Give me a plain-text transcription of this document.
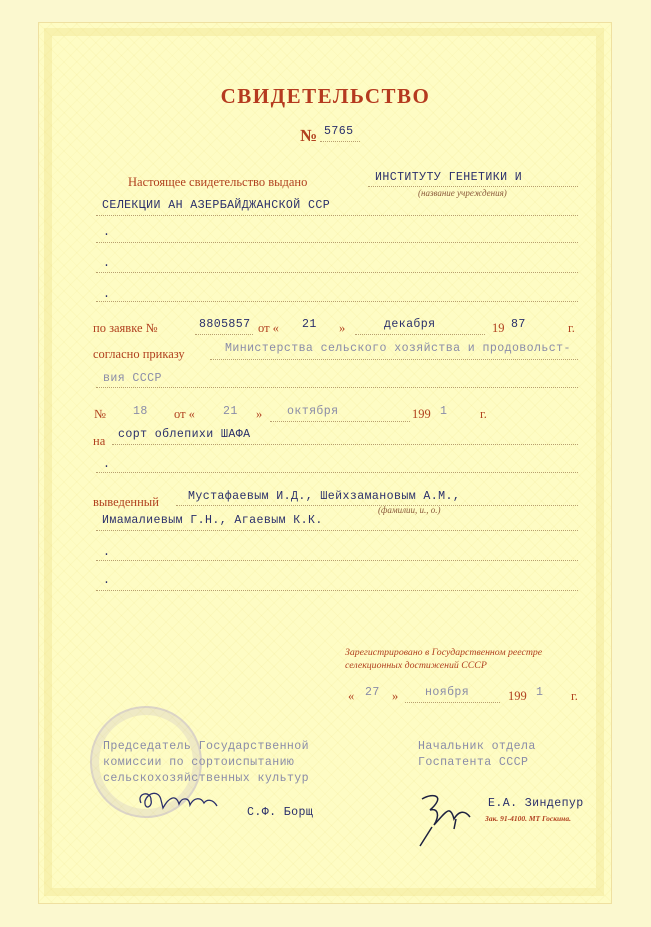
СВИДЕТЕЛЬСТВО
№ 5765
Настоящее свидетельство выдано	ИНСТИТУТУ ГЕНЕТИКИ И
(название учреждения)
СЕЛЕКЦИИ АН АЗЕРБАЙДЖАНСКОЙ ССР
.
.
.
по заявке №	8805857 от « 21 »	декабря	19 87	г.
согласно приказу	Министерства сельского хозяйства и продовольст-
вия СССР
№ 18 от « 21 » октября	199 1	г.
на сорт облепихи ШАФА
.
выведенный	Мустафаевым И.Д., Шейхзамановым А.М.,
(фамилии, и., о.)
Имамалиевым Г.Н., Агаевым К.К.
.
.
Зарегистрировано в Государственном реестре
селекционных достижений СССР
« 27 » ноября	199 1 г.
Председатель Государственной
комиссии по сортоиспытанию
сельскохозяйственных культур
С.Ф. Борщ
Начальник отдела
Госпатента СССР
Е.А. Зиндепур
Зак. 91-4100. МТ Госкина.
